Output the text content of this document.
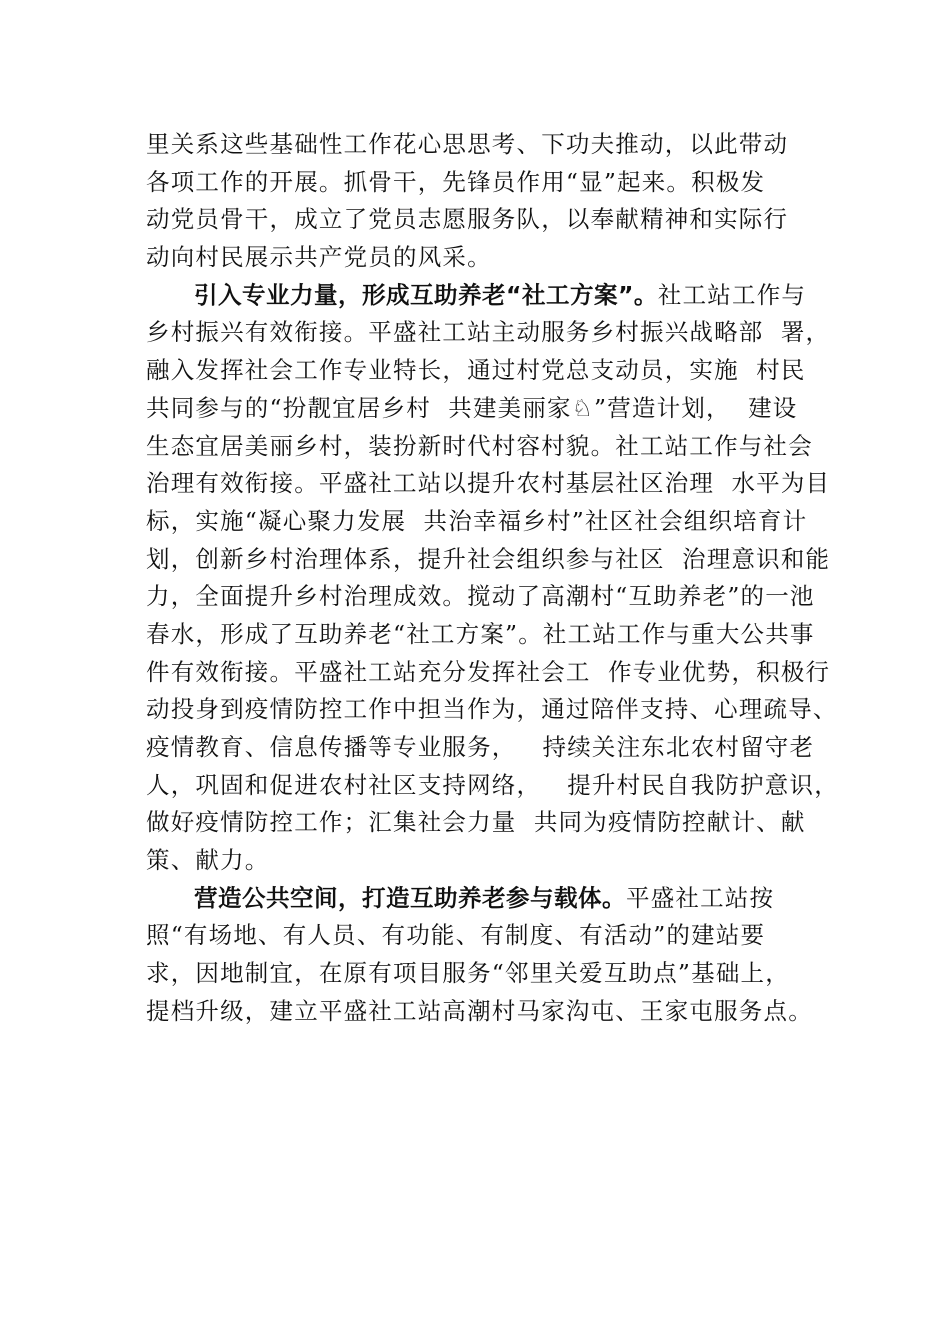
里关系这些基础性工作花心思思考、下功夫推动，以此带动
各项工作的开展。抓骨干，先锋员作用“显”起来。积极发
动党员骨干，成立了党员志愿服务队，以奉献精神和实际行
动向村民展示共产党员的风采。
引入专业力量，形成互助养老“社工方案”。社工站工作与
乡村振兴有效衔接。平盛社工站主动服务乡村振兴战略部  署，
融入发挥社会工作专业特长，通过村党总支动员，实施  村民
共同参与的“扮靓宜居乡村  共建美丽家♘”营造计划，  建设
生态宜居美丽乡村，装扮新时代村容村貌。社工站工作与社会
治理有效衔接。平盛社工站以提升农村基层社区治理  水平为目
标，实施“凝心聚力发展  共治幸福乡村”社区社会组织培育计
划，创新乡村治理体系，提升社会组织参与社区  治理意识和能
力，全面提升乡村治理成效。搅动了高潮村“互助养老”的一池
春水，形成了互助养老“社工方案”。社工站工作与重大公共事
件有效衔接。平盛社工站充分发挥社会工  作专业优势，积极行
动投身到疫情防控工作中担当作为，通过陪伴支持、心理疏导、
疫情教育、信息传播等专业服务，   持续关注东北农村留守老
人，巩固和促进农村社区支持网络，   提升村民自我防护意识，
做好疫情防控工作；汇集社会力量  共同为疫情防控献计、献
策、献力。
营造公共空间，打造互助养老参与载体。平盛社工站按
照“有场地、有人员、有功能、有制度、有活动”的建站要
求，因地制宜，在原有项目服务“邻里关爱互助点”基础上，
提档升级，建立平盛社工站高潮村马家沟屯、王家屯服务点。
